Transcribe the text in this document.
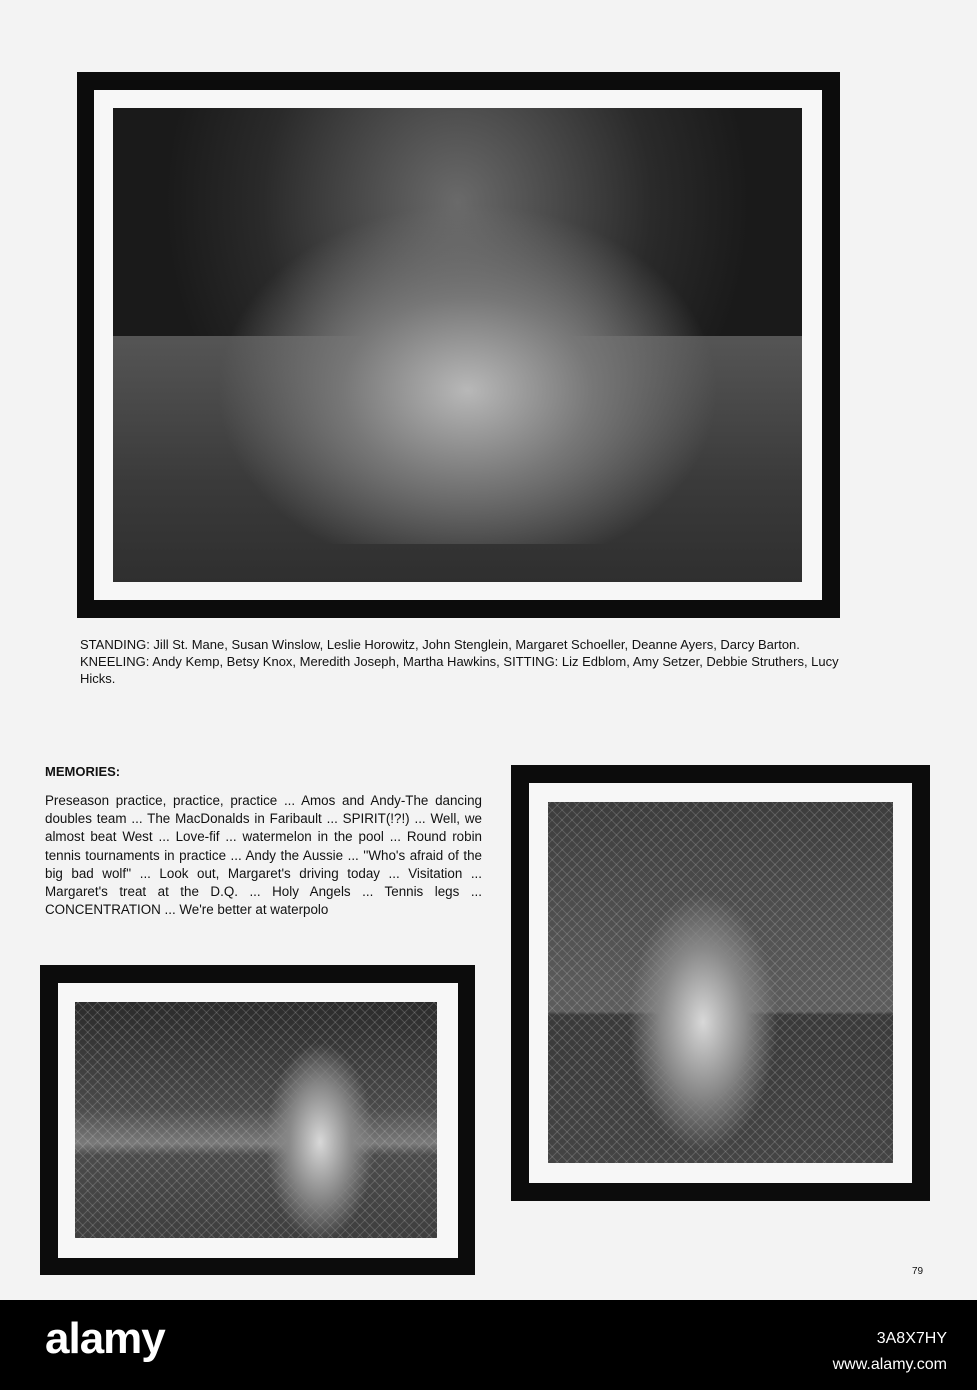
STANDING: Jill St. Mane, Susan Winslow, Leslie Horowitz, John Stenglein, Margaret Schoeller, Deanne Ayers, Darcy Barton. KNEELING: Andy Kemp, Betsy Knox, Meredith Joseph, Martha Hawkins, SITTING: Liz Edblom, Amy Setzer, Debbie Struthers, Lucy Hicks.
MEMORIES:
Preseason practice, practice, practice ... Amos and Andy-The dancing doubles team ... The MacDonalds in Faribault ... SPIRIT(!?!) ... Well, we almost beat West ... Love-fif ... watermelon in the pool ... Round robin tennis tournaments in practice ... Andy the Aussie ... ''Who's afraid of the big bad wolf'' ... Look out, Margaret's driving today ... Visitation ... Margaret's treat at the D.Q. ... Holy Angels ... Tennis legs ... CONCENTRATION ... We're better at waterpolo
79
alamy	3A8X7HY
www.alamy.com
